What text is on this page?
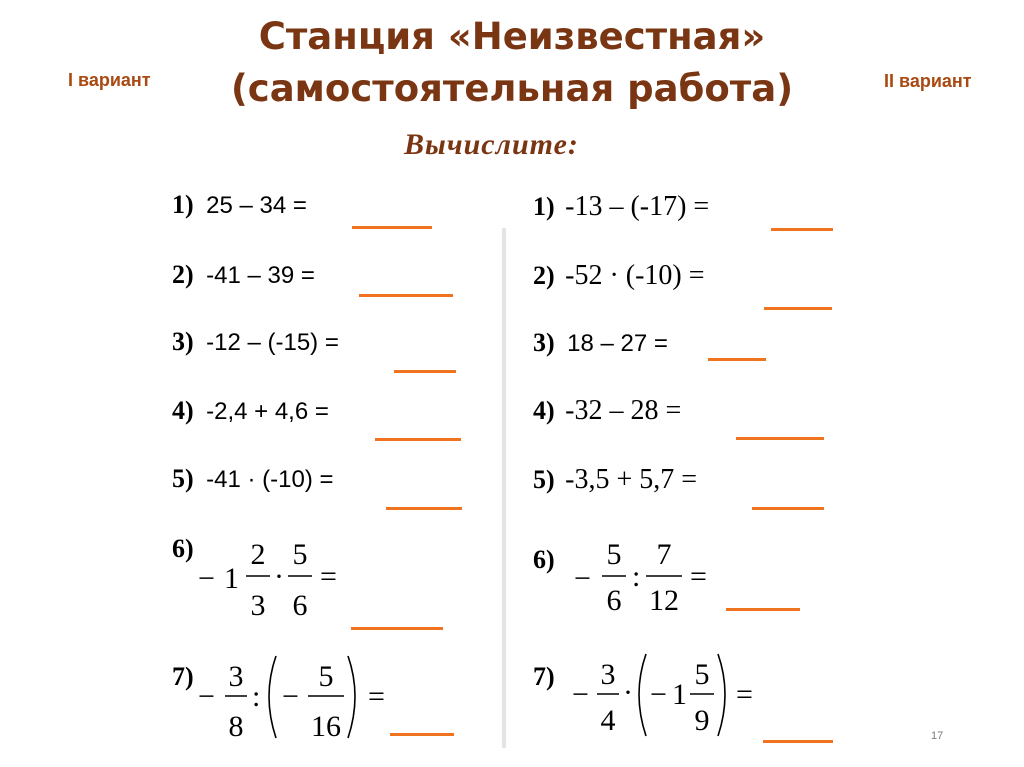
Станция «Неизвестная»
(самостоятельная работа)
I вариант	II вариант
Вычислите:
1) 25 – 34 =
2) -41 – 39 =
3) -12 – (-15) =
4) -2,4 + 4,6 =
5) -41 · (-10) =
6)
− 1
2
3
·
5
6
=
7)
−
3
8
: −
5
16
=
1) -13 – (-17) =
2) -52 · (-10) =
3) 18 – 27 =
4) -32 – 28 =
5) -3,5 + 5,7 =
6)
−
5
6
:
7
12
=
7)
−
3
4
· − 1
5
9
=
17
